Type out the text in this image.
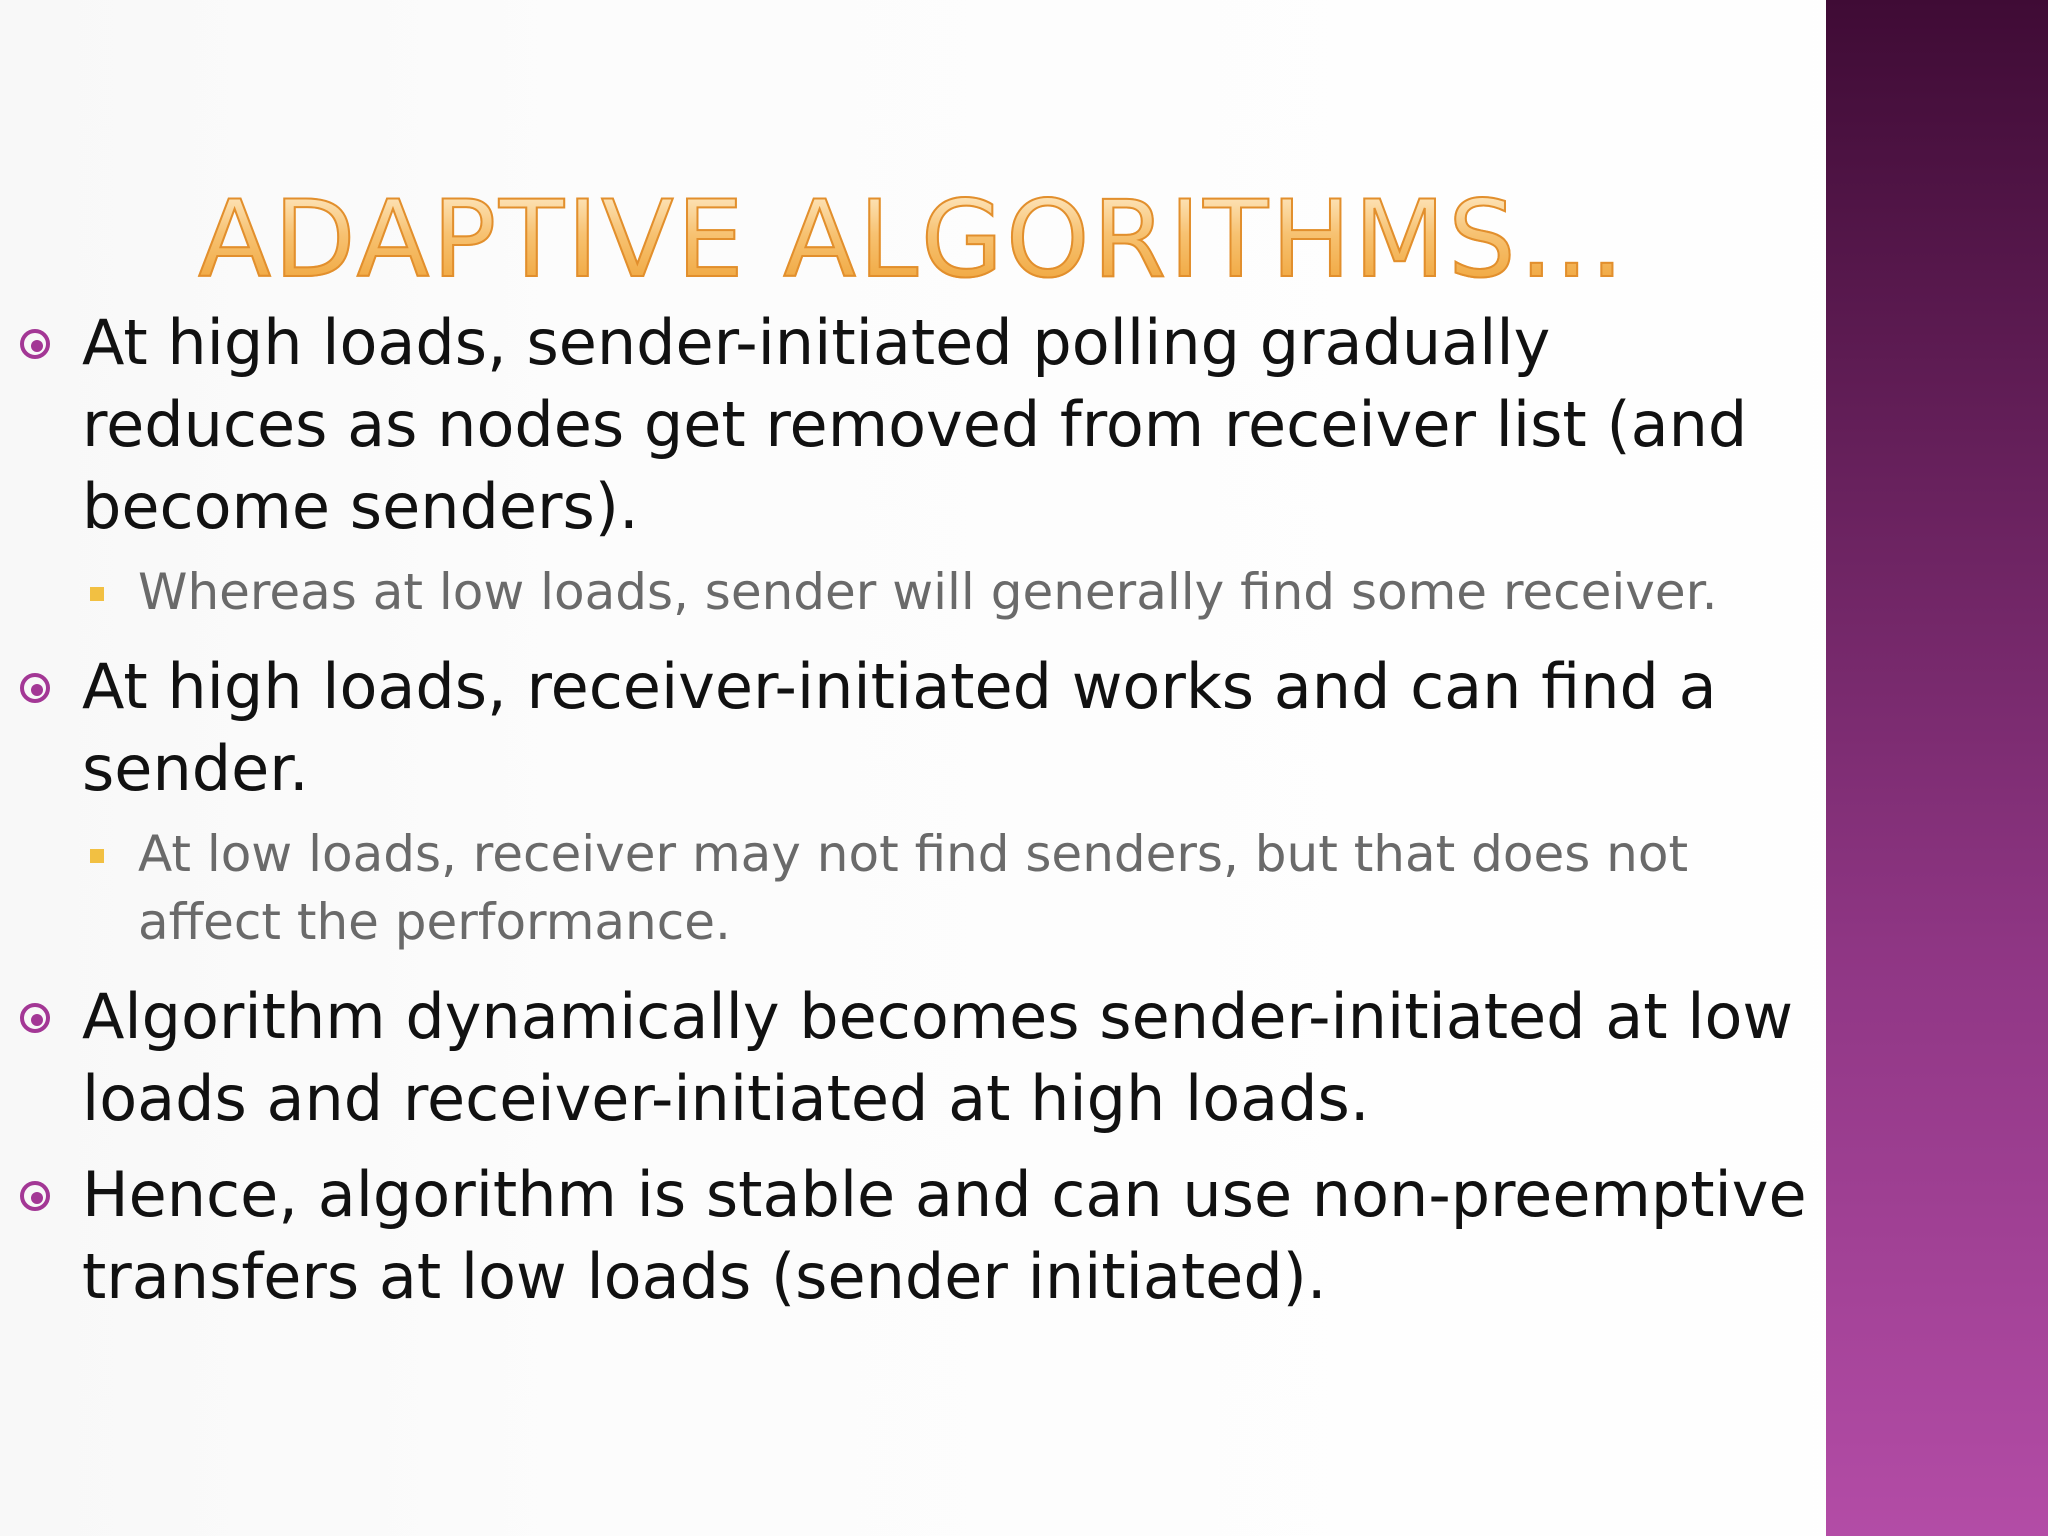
ADAPTIVE ALGORITHMS…
At high loads, sender-initiated polling gradually reduces as nodes get removed from receiver list (and become senders).
Whereas at low loads, sender will generally find some receiver.
At high loads, receiver-initiated works and can find a sender.
At low loads, receiver may not find senders, but that does not affect the performance.
Algorithm dynamically becomes sender-initiated at low loads and receiver-initiated at high loads.
Hence, algorithm is stable and can use non-preemptive transfers at low loads (sender initiated).
